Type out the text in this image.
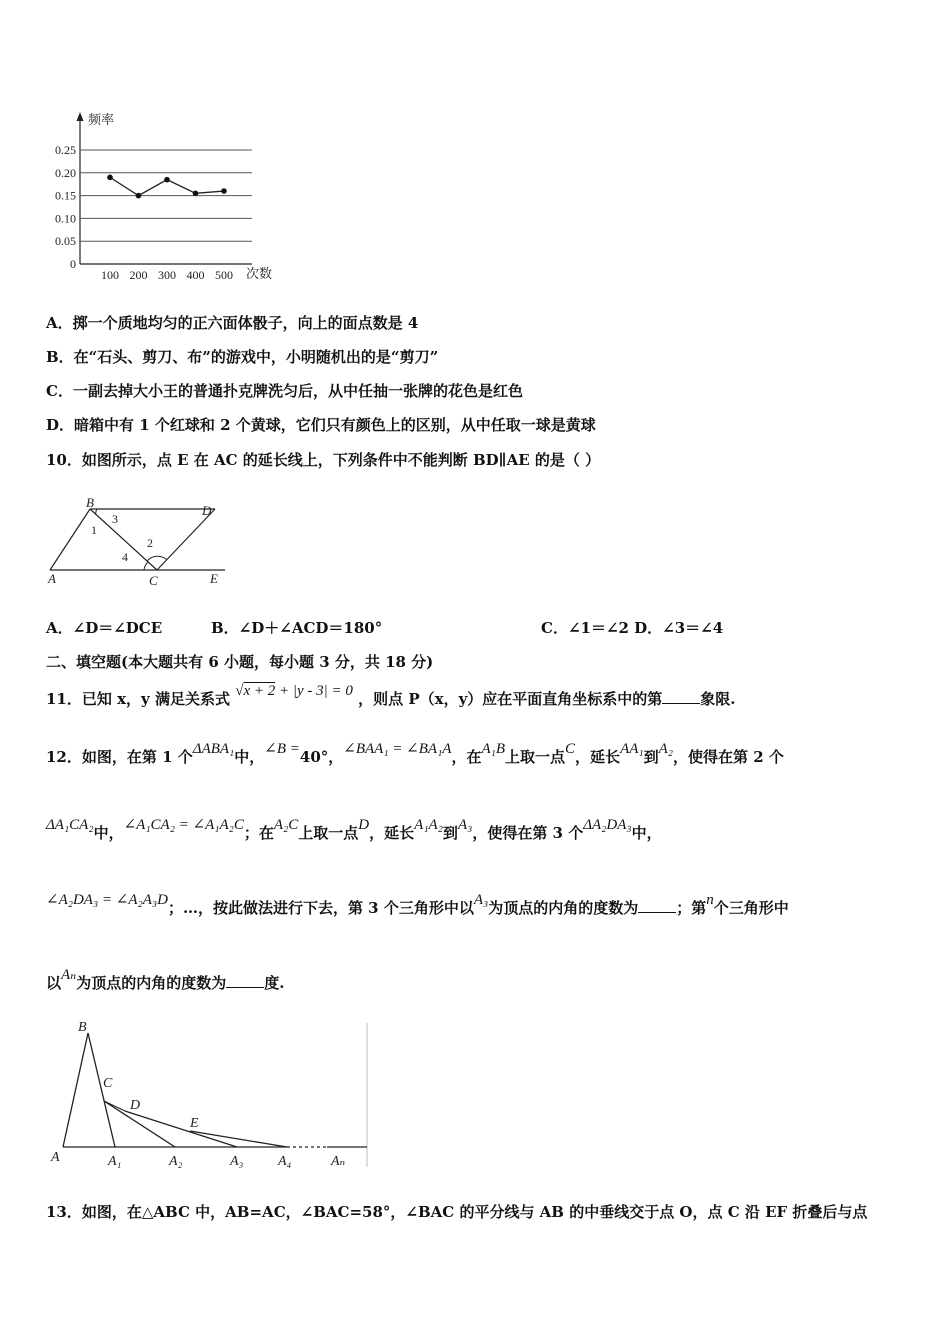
频率
次数
0
0.05
0.10
0.15
0.20
0.25
100 200 300 400 500
A．掷一个质地均匀的正六面体骰子，向上的面点数是 4
B．在“石头、剪刀、布”的游戏中，小明随机出的是“剪刀”
C．一副去掉大小王的普通扑克牌洗匀后，从中任抽一张牌的花色是红色
D．暗箱中有 1 个红球和 2 个黄球，它们只有颜色上的区别，从中任取一球是黄球
10．如图所示，点 E 在 AC 的延长线上，下列条件中不能判断 BD∥AE 的是（ ）
B
D
A	C	E
1
2
3
4
A．∠D＝∠DCE	B．∠D＋∠ACD＝180°	C．∠1＝∠2 D．∠3＝∠4
二、填空题(本大题共有 6 小题，每小题 3 分，共 18 分)
11．已知 x，y 满足关系式 √x + 2 + |y - 3| = 0 ，则点 P（x，y）应在平面直角坐标系中的第	象限.
12．如图，在第 1 个ΔABA₁中，∠B =40°，∠BAA₁ = ∠BA₁A，在A₁B上取一点C，延长AA₁到A₂，使得在第 2 个
ΔA₁CA₂中，∠A₁CA₂ = ∠A₁A₂C；在A₂C上取一点D，延长A₁A₂到A₃，使得在第 3 个ΔA₂DA₃中，
∠A₂DA₃ = ∠A₂A₃D；…，按此做法进行下去，第 3 个三角形中以A₃为顶点的内角的度数为	；第n个三角形中
以Aₙ为顶点的内角的度数为	度.
B
C
D
E
A	A₁	A₂	A₃ A₄	Aₙ
13．如图，在△ABC 中，AB=AC，∠BAC=58°，∠BAC 的平分线与 AB 的中垂线交于点 O，点 C 沿 EF 折叠后与点
